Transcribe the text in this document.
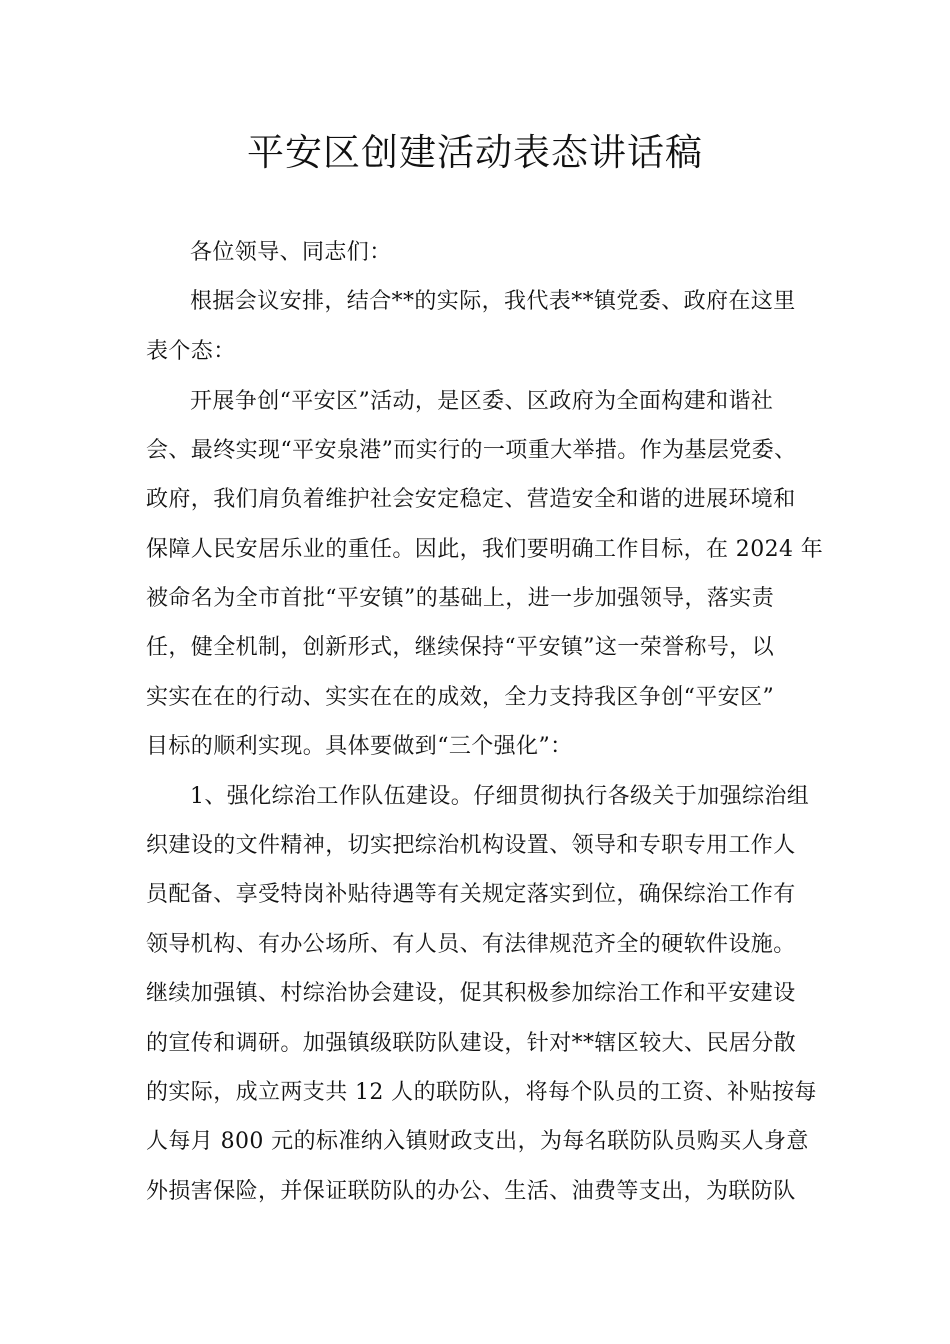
平安区创建活动表态讲话稿

各位领导、同志们：

根据会议安排，结合**的实际，我代表**镇党委、政府在这里

表个态：

开展争创“平安区”活动，是区委、区政府为全面构建和谐社

会、最终实现“平安泉港”而实行的一项重大举措。作为基层党委、

政府，我们肩负着维护社会安定稳定、营造安全和谐的进展环境和

保障人民安居乐业的重任。因此，我们要明确工作目标，在 2024 年

被命名为全市首批“平安镇”的基础上，进一步加强领导，落实责

任，健全机制，创新形式，继续保持“平安镇”这一荣誉称号，以

实实在在的行动、实实在在的成效，全力支持我区争创“平安区”

目标的顺利实现。具体要做到“三个强化”：

1、强化综治工作队伍建设。仔细贯彻执行各级关于加强综治组

织建设的文件精神，切实把综治机构设置、领导和专职专用工作人

员配备、享受特岗补贴待遇等有关规定落实到位，确保综治工作有

领导机构、有办公场所、有人员、有法律规范齐全的硬软件设施。

继续加强镇、村综治协会建设，促其积极参加综治工作和平安建设

的宣传和调研。加强镇级联防队建设，针对**辖区较大、民居分散

的实际，成立两支共 12 人的联防队，将每个队员的工资、补贴按每

人每月 800 元的标准纳入镇财政支出，为每名联防队员购买人身意

外损害保险，并保证联防队的办公、生活、油费等支出，为联防队
